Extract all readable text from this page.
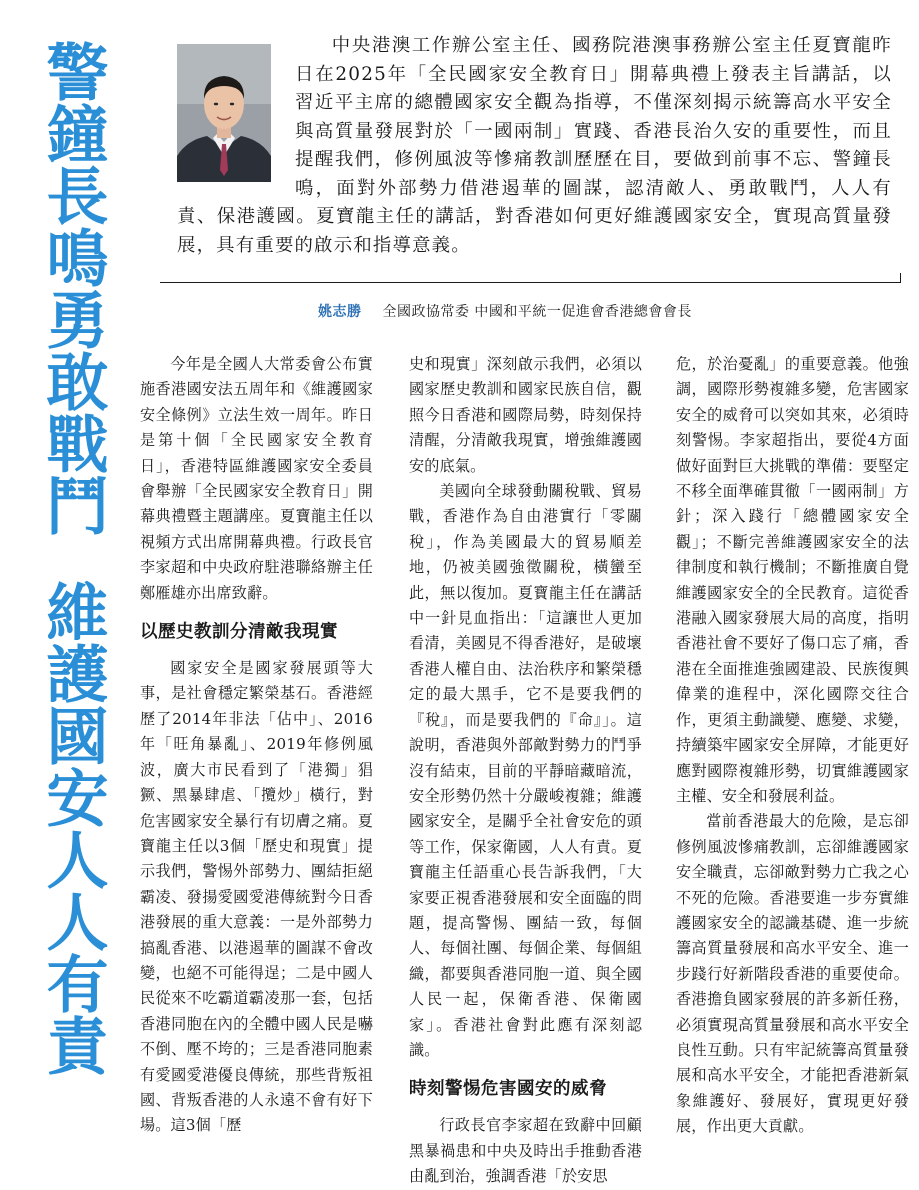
警鐘長鳴勇敢戰鬥
維護國安人人有責

中央港澳工作辦公室主任、國務院港澳事務辦公室主任夏寶龍昨日在2025年「全民國家安全教育日」開幕典禮上發表主旨講話，以習近平主席的總體國家安全觀為指導，不僅深刻揭示統籌高水平安全與高質量發展對於「一國兩制」實踐、香港長治久安的重要性，而且提醒我們，修例風波等慘痛教訓歷歷在目，要做到前事不忘、警鐘長鳴，面對外部勢力借港遏華的圖謀，認清敵人、勇敢戰鬥，人人有責、保港護國。夏寶龍主任的講話，對香港如何更好維護國家安全，實現高質量發展，具有重要的啟示和指導意義。

姚志勝 全國政協常委 中國和平統一促進會香港總會會長

今年是全國人大常委會公布實施香港國安法五周年和《維護國家安全條例》立法生效一周年。昨日是第十個「全民國家安全教育日」，香港特區維護國家安全委員會舉辦「全民國家安全教育日」開幕典禮暨主題講座。夏寶龍主任以視頻方式出席開幕典禮。行政長官李家超和中央政府駐港聯絡辦主任鄭雁雄亦出席致辭。

以歷史教訓分清敵我現實

國家安全是國家發展頭等大事，是社會穩定繁榮基石。香港經歷了2014年非法「佔中」、2016年「旺角暴亂」、2019年修例風波，廣大市民看到了「港獨」猖獗、黑暴肆虐、「攬炒」橫行，對危害國家安全暴行有切膚之痛。夏寶龍主任以3個「歷史和現實」提示我們，警惕外部勢力、團結拒絕霸凌、發揚愛國愛港傳統對今日香港發展的重大意義：一是外部勢力搞亂香港、以港遏華的圖謀不會改變，也絕不可能得逞；二是中國人民從來不吃霸道霸凌那一套，包括香港同胞在內的全體中國人民是嚇不倒、壓不垮的；三是香港同胞素有愛國愛港優良傳統，那些背叛祖國、背叛香港的人永遠不會有好下場。這3個「歷

史和現實」深刻啟示我們，必須以國家歷史教訓和國家民族自信，觀照今日香港和國際局勢，時刻保持清醒，分清敵我現實，增強維護國安的底氣。

美國向全球發動關稅戰、貿易戰，香港作為自由港實行「零關稅」，作為美國最大的貿易順差地，仍被美國強徵關稅，橫蠻至此，無以復加。夏寶龍主任在講話中一針見血指出：「這讓世人更加看清，美國見不得香港好，是破壞香港人權自由、法治秩序和繁榮穩定的最大黑手，它不是要我們的『稅』，而是要我們的『命』」。這說明，香港與外部敵對勢力的鬥爭沒有結束，目前的平靜暗藏暗流，安全形勢仍然十分嚴峻複雜；維護國家安全，是關乎全社會安危的頭等工作，保家衛國，人人有責。夏寶龍主任語重心長告訴我們，「大家要正視香港發展和安全面臨的問題，提高警惕、團結一致，每個人、每個社團、每個企業、每個組織，都要與香港同胞一道、與全國人民一起，保衛香港、保衛國家」。香港社會對此應有深刻認識。

時刻警惕危害國安的威脅

行政長官李家超在致辭中回顧黑暴禍患和中央及時出手推動香港由亂到治，強調香港「於安思

危，於治憂亂」的重要意義。他強調，國際形勢複雜多變，危害國家安全的威脅可以突如其來，必須時刻警惕。李家超指出，要從4方面做好面對巨大挑戰的準備：要堅定不移全面準確貫徹「一國兩制」方針；深入踐行「總體國家安全觀」；不斷完善維護國家安全的法律制度和執行機制；不斷推廣自覺維護國家安全的全民教育。這從香港融入國家發展大局的高度，指明香港社會不要好了傷口忘了痛，香港在全面推進強國建設、民族復興偉業的進程中，深化國際交往合作，更須主動識變、應變、求變，持續築牢國家安全屏障，才能更好應對國際複雜形勢，切實維護國家主權、安全和發展利益。

當前香港最大的危險，是忘卻修例風波慘痛教訓，忘卻維護國家安全職責，忘卻敵對勢力亡我之心不死的危險。香港要進一步夯實維護國家安全的認識基礎、進一步統籌高質量發展和高水平安全、進一步踐行好新階段香港的重要使命。香港擔負國家發展的許多新任務，必須實現高質量發展和高水平安全良性互動。只有牢記統籌高質量發展和高水平安全，才能把香港新氣象維護好、發展好，實現更好發展，作出更大貢獻。
